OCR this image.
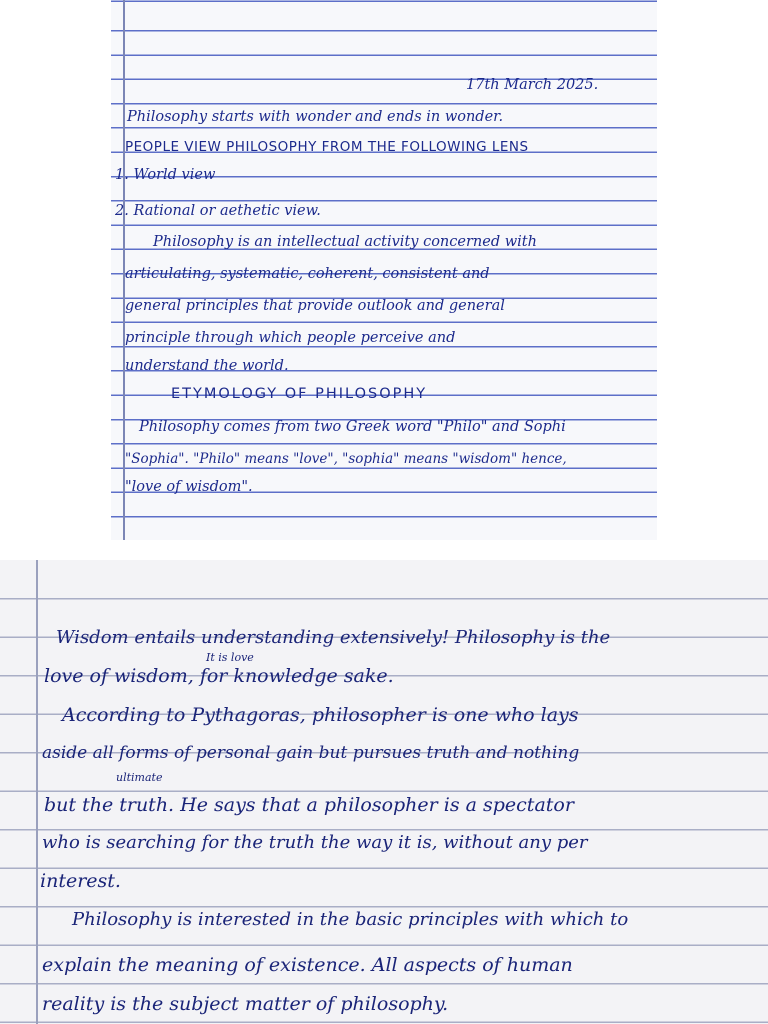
17th March 2025.

Philosophy starts with wonder and ends in wonder.

PEOPLE VIEW PHILOSOPHY FROM THE FOLLOWING LENS

1. World view

2. Rational or aethetic view.

Philosophy is an intellectual activity concerned with

articulating, systematic, coherent, consistent and

general principles that provide outlook and general

principle through which people perceive and

understand the world.

ETYMOLOGY OF PHILOSOPHY

Philosophy comes from two Greek word "Philo" and Sophi

"Sophia". "Philo" means "love", "sophia" means "wisdom" hence,

"love of wisdom".

It is love

Wisdom entails understanding extensively! Philosophy is the

love of wisdom, for knowledge sake.

According to Pythagoras, philosopher is one who lays

aside all forms of personal gain but pursues truth and nothing

ultimate

but the truth. He says that a philosopher is a spectator

who is searching for the truth the way it is, without any per

interest.

Philosophy is interested in the basic principles with which to

explain the meaning of existence. All aspects of human

reality is the subject matter of philosophy.
